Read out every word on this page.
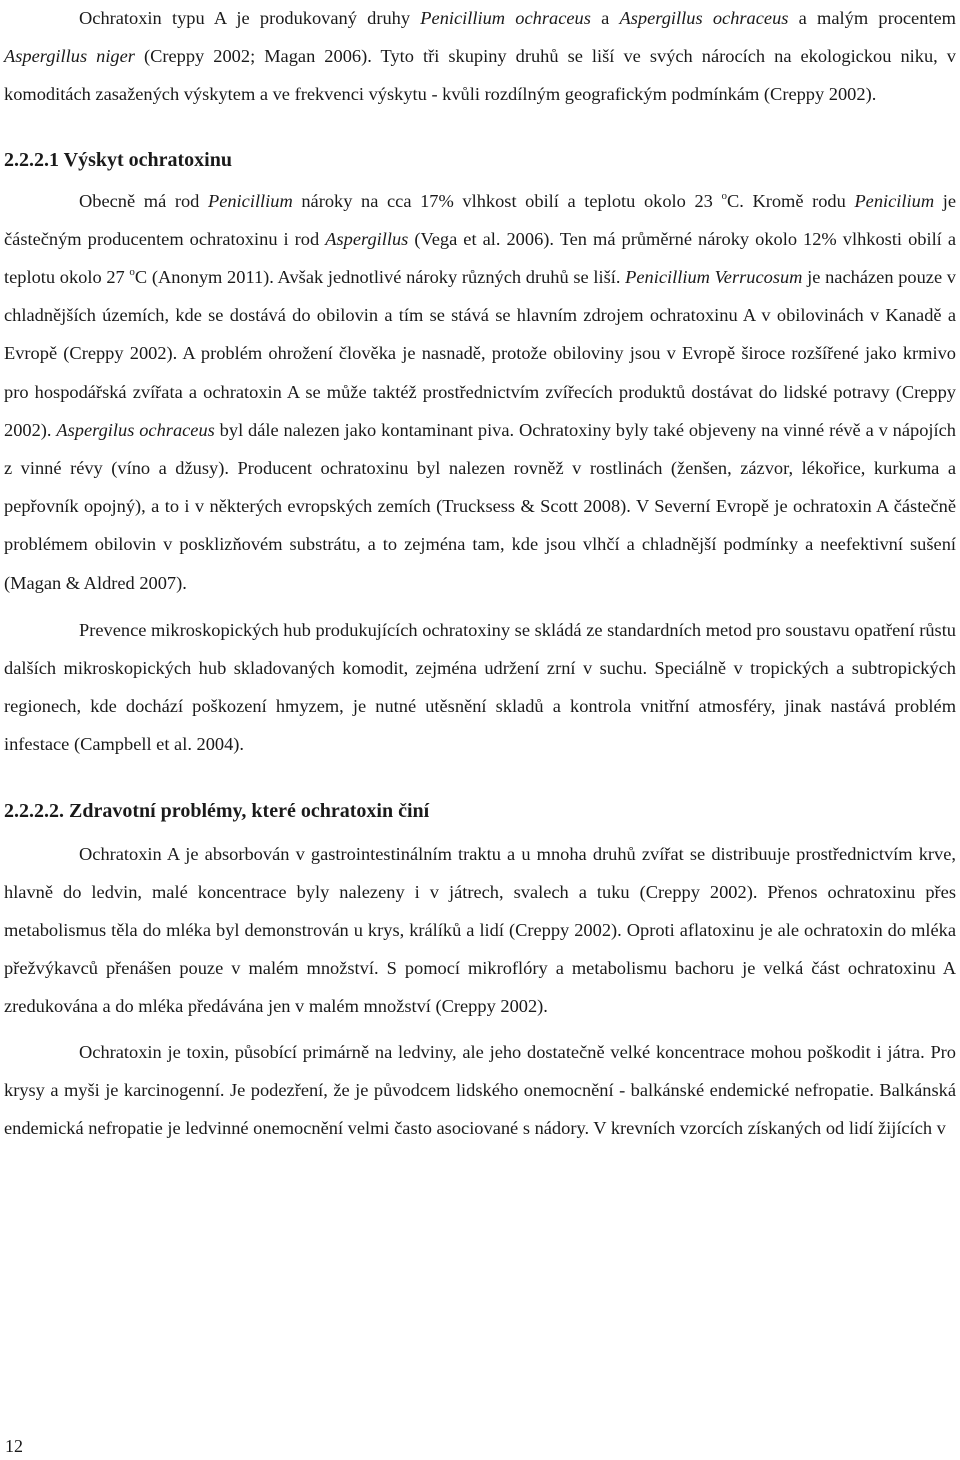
Ochratoxin typu A je produkovaný druhy Penicillium ochraceus a Aspergillus ochraceus a malým procentem Aspergillus niger (Creppy 2002; Magan 2006). Tyto tři skupiny druhů se liší ve svých nárocích na ekologickou niku, v komoditách zasažených výskytem a ve frekvenci výskytu - kvůli rozdílným geografickým podmínkám (Creppy 2002).

2.2.2.1 Výskyt ochratoxinu

Obecně má rod Penicillium nároky na cca 17% vlhkost obilí a teplotu okolo 23 $^o$C. Kromě rodu Penicilium je částečným producentem ochratoxinu i rod Aspergillus (Vega et al. 2006). Ten má průměrné nároky okolo 12% vlhkosti obilí a teplotu okolo 27 $^o$C (Anonym 2011). Avšak jednotlivé nároky různých druhů se liší. Penicillium Verrucosum je nacházen pouze v chladnějších územích, kde se dostává do obilovin a tím se stává se hlavním zdrojem ochratoxinu A v obilovinách v Kanadě a Evropě (Creppy 2002). A problém ohrožení člověka je nasnadě, protože obiloviny jsou v Evropě široce rozšířené jako krmivo pro hospodářská zvířata a ochratoxin A se může taktéž prostřednictvím zvířecích produktů dostávat do lidské potravy (Creppy 2002). Aspergilus ochraceus byl dále nalezen jako kontaminant piva. Ochratoxiny byly také objeveny na vinné révě a v nápojích z vinné révy (víno a džusy). Producent ochratoxinu byl nalezen rovněž v rostlinách (ženšen, zázvor, lékořice, kurkuma a pepřovník opojný), a to i v některých evropských zemích (Trucksess & Scott 2008). V Severní Evropě je ochratoxin A částečně problémem obilovin v posklizňovém substrátu, a to zejména tam, kde jsou vlhčí a chladnější podmínky a neefektivní sušení (Magan & Aldred 2007).

Prevence mikroskopických hub produkujících ochratoxiny se skládá ze standardních metod pro soustavu opatření růstu dalších mikroskopických hub skladovaných komodit, zejména udržení zrní v suchu. Speciálně v tropických a subtropických regionech, kde dochází poškození hmyzem, je nutné utěsnění skladů a kontrola vnitřní atmosféry, jinak nastává problém infestace (Campbell et al. 2004).

2.2.2.2. Zdravotní problémy, které ochratoxin činí

Ochratoxin A je absorbován v gastrointestinálním traktu a u mnoha druhů zvířat se distribuuje prostřednictvím krve, hlavně do ledvin, malé koncentrace byly nalezeny i v játrech, svalech a tuku (Creppy 2002). Přenos ochratoxinu přes metabolismus těla do mléka byl demonstrován u krys, králíků a lidí (Creppy 2002). Oproti aflatoxinu je ale ochratoxin do mléka přežvýkavců přenášen pouze v malém množství. S pomocí mikroflóry a metabolismu bachoru je velká část ochratoxinu A zredukována a do mléka předávána jen v malém množství (Creppy 2002).

Ochratoxin je toxin, působící primárně na ledviny, ale jeho dostatečně velké koncentrace mohou poškodit i játra. Pro krysy a myši je karcinogenní. Je podezření, že je původcem lidského onemocnění - balkánské endemické nefropatie. Balkánská endemická nefropatie je ledvinné onemocnění velmi často asociované s nádory. V krevních vzorcích získaných od lidí žijících v

12
